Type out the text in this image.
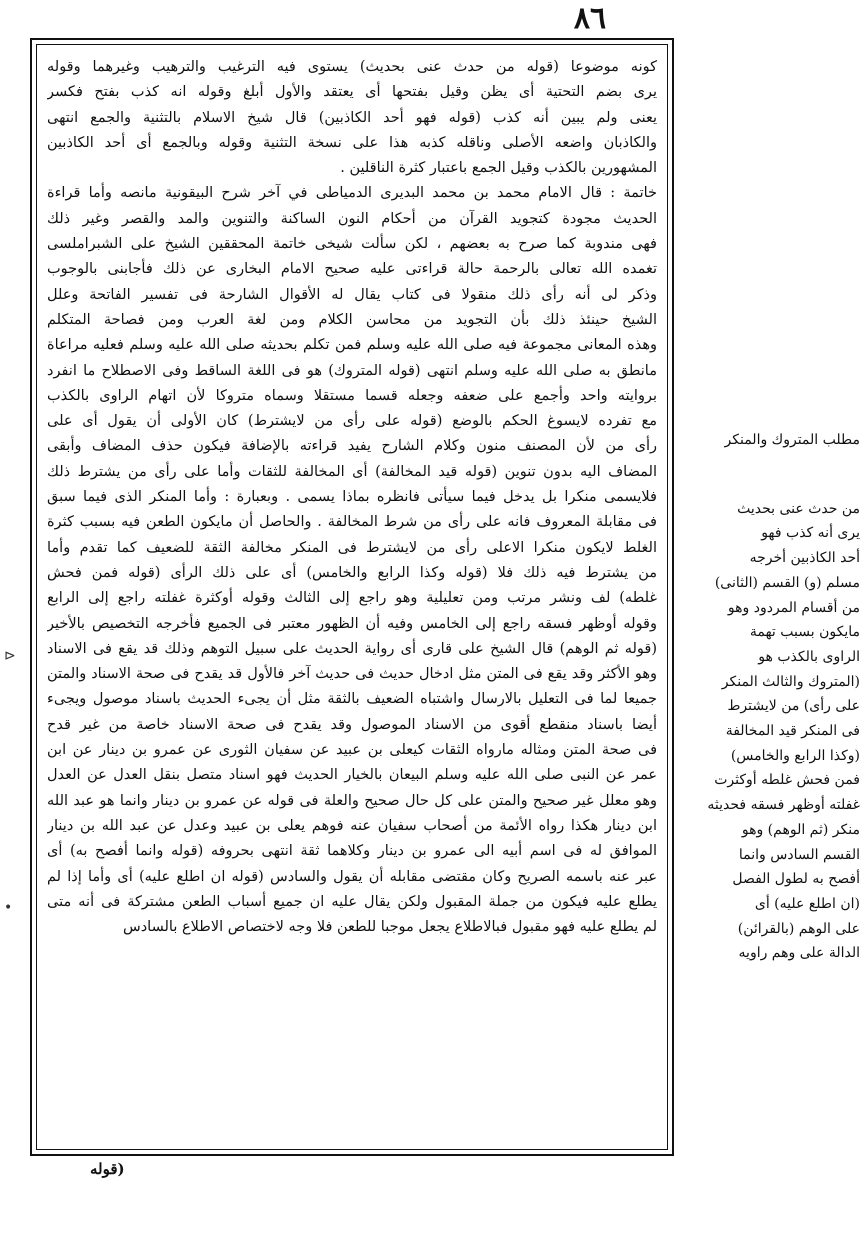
٨٦
⊳
•
كونه موضوعا (قوله من حدث عنى بحديث) يستوى فيه الترغيب والترهيب وغيرهما وقوله
يرى بضم التحتية أى يظن وقيل بفتحها أى يعتقد والأول أبلغ وقوله انه كذب بفتح فكسر
يعنى ولم يبين أنه كذب (قوله فهو أحد الكاذبين) قال شيخ الاسلام بالتثنية والجمع انتهى
والكاذبان واضعه الأصلى وناقله كذبه هذا على نسخة التثنية وقوله وبالجمع أى أحد الكاذبين
المشهورين بالكذب وقيل الجمع باعتبار كثرة الناقلين .
خاتمة : قال الامام محمد بن محمد البديرى الدمياطى في آخر شرح البيقونية مانصه وأما قراءة
الحديث مجودة كتجويد القرآن من أحكام النون الساكنة والتنوين والمد والقصر وغير ذلك
فهى مندوبة كما صرح به بعضهم ، لكن سألت شيخى خاتمة المحققين الشيخ على الشبراملسى
تغمده الله تعالى بالرحمة حالة قراءتى عليه صحيح الامام البخارى عن ذلك فأجابنى بالوجوب
وذكر لى أنه رأى ذلك منقولا فى كتاب يقال له الأقوال الشارحة فى تفسير الفاتحة وعلل
الشيخ حينئذ ذلك بأن التجويد من محاسن الكلام ومن لغة العرب ومن فصاحة المتكلم
وهذه المعانى مجموعة فيه صلى الله عليه وسلم فمن تكلم بحديثه صلى الله عليه وسلم فعليه مراعاة
مانطق به صلى الله عليه وسلم انتهى (قوله المتروك) هو فى اللغة الساقط وفى الاصطلاح ما انفرد
بروايته واحد وأجمع على ضعفه وجعله قسما مستقلا وسماه متروكا لأن اتهام الراوى بالكذب
مع تفرده لايسوغ الحكم بالوضع (قوله على رأى من لايشترط) كان الأولى أن يقول أى على
رأى من لأن المصنف منون وكلام الشارح يفيد قراءته بالإضافة فيكون حذف المضاف وأبقى
المضاف اليه بدون تنوين (قوله قيد المخالفة) أى المخالفة للثقات وأما على رأى من يشترط ذلك
فلايسمى منكرا بل يدخل فيما سيأتى فانظره بماذا يسمى . وبعبارة : وأما المنكر الذى فيما سبق
فى مقابلة المعروف فانه على رأى من شرط المخالفة . والحاصل أن مايكون الطعن فيه بسبب كثرة
الغلط لايكون منكرا الاعلى رأى من لايشترط فى المنكر مخالفة الثقة للضعيف كما تقدم وأما
من يشترط فيه ذلك فلا (قوله وكذا الرابع والخامس) أى على ذلك الرأى (قوله فمن فحش
غلطه) لف ونشر مرتب ومن تعليلية وهو راجع إلى الثالث وقوله أوكثرة غفلته راجع إلى الرابع
وقوله أوظهر فسقه راجع إلى الخامس وفيه أن الظهور معتبر فى الجميع فأخرجه التخصيص بالأخير
(قوله ثم الوهم) قال الشيخ على قارى أى رواية الحديث على سبيل التوهم وذلك قد يقع فى الاسناد
وهو الأكثر وقد يقع فى المتن مثل ادخال حديث فى حديث آخر فالأول قد يقدح فى صحة الاسناد والمتن
جميعا لما فى التعليل بالارسال واشتباه الضعيف بالثقة مثل أن يجىء الحديث باسناد موصول ويجىء
أيضا باسناد منقطع أقوى من الاسناد الموصول وقد يقدح فى صحة الاسناد خاصة من غير قدح
فى صحة المتن ومثاله مارواه الثقات كيعلى بن عبيد عن سفيان الثورى عن عمرو بن دينار عن ابن
عمر عن النبى صلى الله عليه وسلم البيعان بالخيار الحديث فهو اسناد متصل بنقل العدل عن العدل
وهو معلل غير صحيح والمتن على كل حال صحيح والعلة فى قوله عن عمرو بن دينار وانما هو عبد الله
ابن دينار هكذا رواه الأئمة من أصحاب سفيان عنه فوهم يعلى بن عبيد وعدل عن عبد الله بن دينار
الموافق له فى اسم أبيه الى عمرو بن دينار وكلاهما ثقة انتهى بحروفه (قوله وانما أفصح به) أى
عبر عنه باسمه الصريح وكان مقتضى مقابله أن يقول والسادس (قوله ان اطلع عليه) أى وأما إذا لم
يطلع عليه فيكون من جملة المقبول ولكن يقال عليه ان جميع أسباب الطعن مشتركة فى أنه متى
لم يطلع عليه فهو مقبول فبالاطلاع يجعل موجبا للطعن فلا وجه لاختصاص الاطلاع بالسادس
(قوله
مطلب المتروك والمنكر
من حدث عنى بحديث
يرى أنه كذب فهو
أحد الكاذبين أخرجه
مسلم (و) القسم (الثانى)
من أقسام المردود وهو
مايكون بسبب تهمة
الراوى بالكذب هو
(المتروك والثالث المنكر
على رأى) من لايشترط
فى المنكر قيد المخالفة
(وكذا الرابع والخامس)
فمن فحش غلطه أوكثرت
غفلته أوظهر فسقه فحديثه
منكر (ثم الوهم) وهو
القسم السادس وانما
أفصح به لطول الفصل
(ان اطلع عليه) أى
على الوهم (بالقرائن)
الدالة على وهم راويه
